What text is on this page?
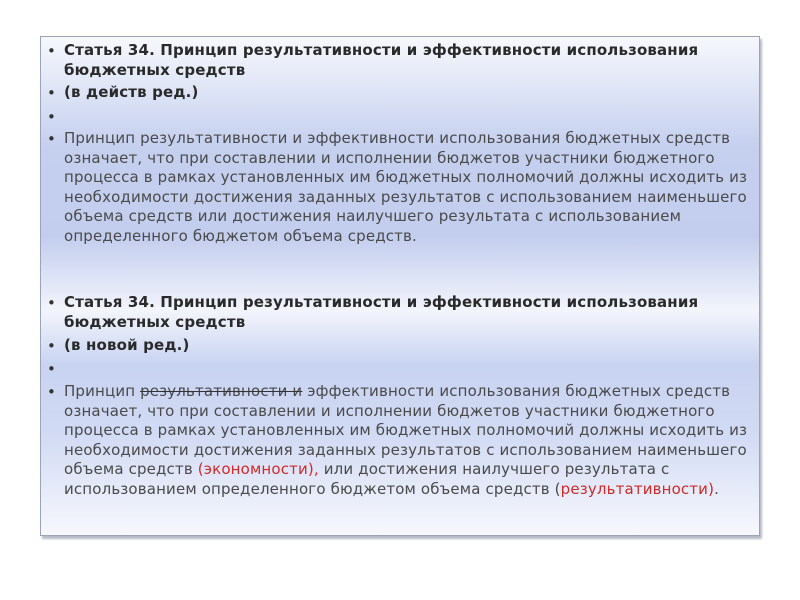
• Статья 34. Принцип результативности и эффективности использования бюджетных средств
• (в действ ред.)
•
• Принцип результативности и эффективности использования бюджетных средств означает, что при составлении и исполнении бюджетов участники бюджетного процесса в рамках установленных им бюджетных полномочий должны исходить из необходимости достижения заданных результатов с использованием наименьшего объема средств или достижения наилучшего результата с использованием определенного бюджетом объема средств.
• Статья 34. Принцип результативности и эффективности использования бюджетных средств
• (в новой ред.)
•
• Принцип результативности и эффективности использования бюджетных средств означает, что при составлении и исполнении бюджетов участники бюджетного процесса в рамках установленных им бюджетных полномочий должны исходить из необходимости достижения заданных результатов с использованием наименьшего объема средств (экономности), или достижения наилучшего результата с использованием определенного бюджетом объема средств (результативности).
